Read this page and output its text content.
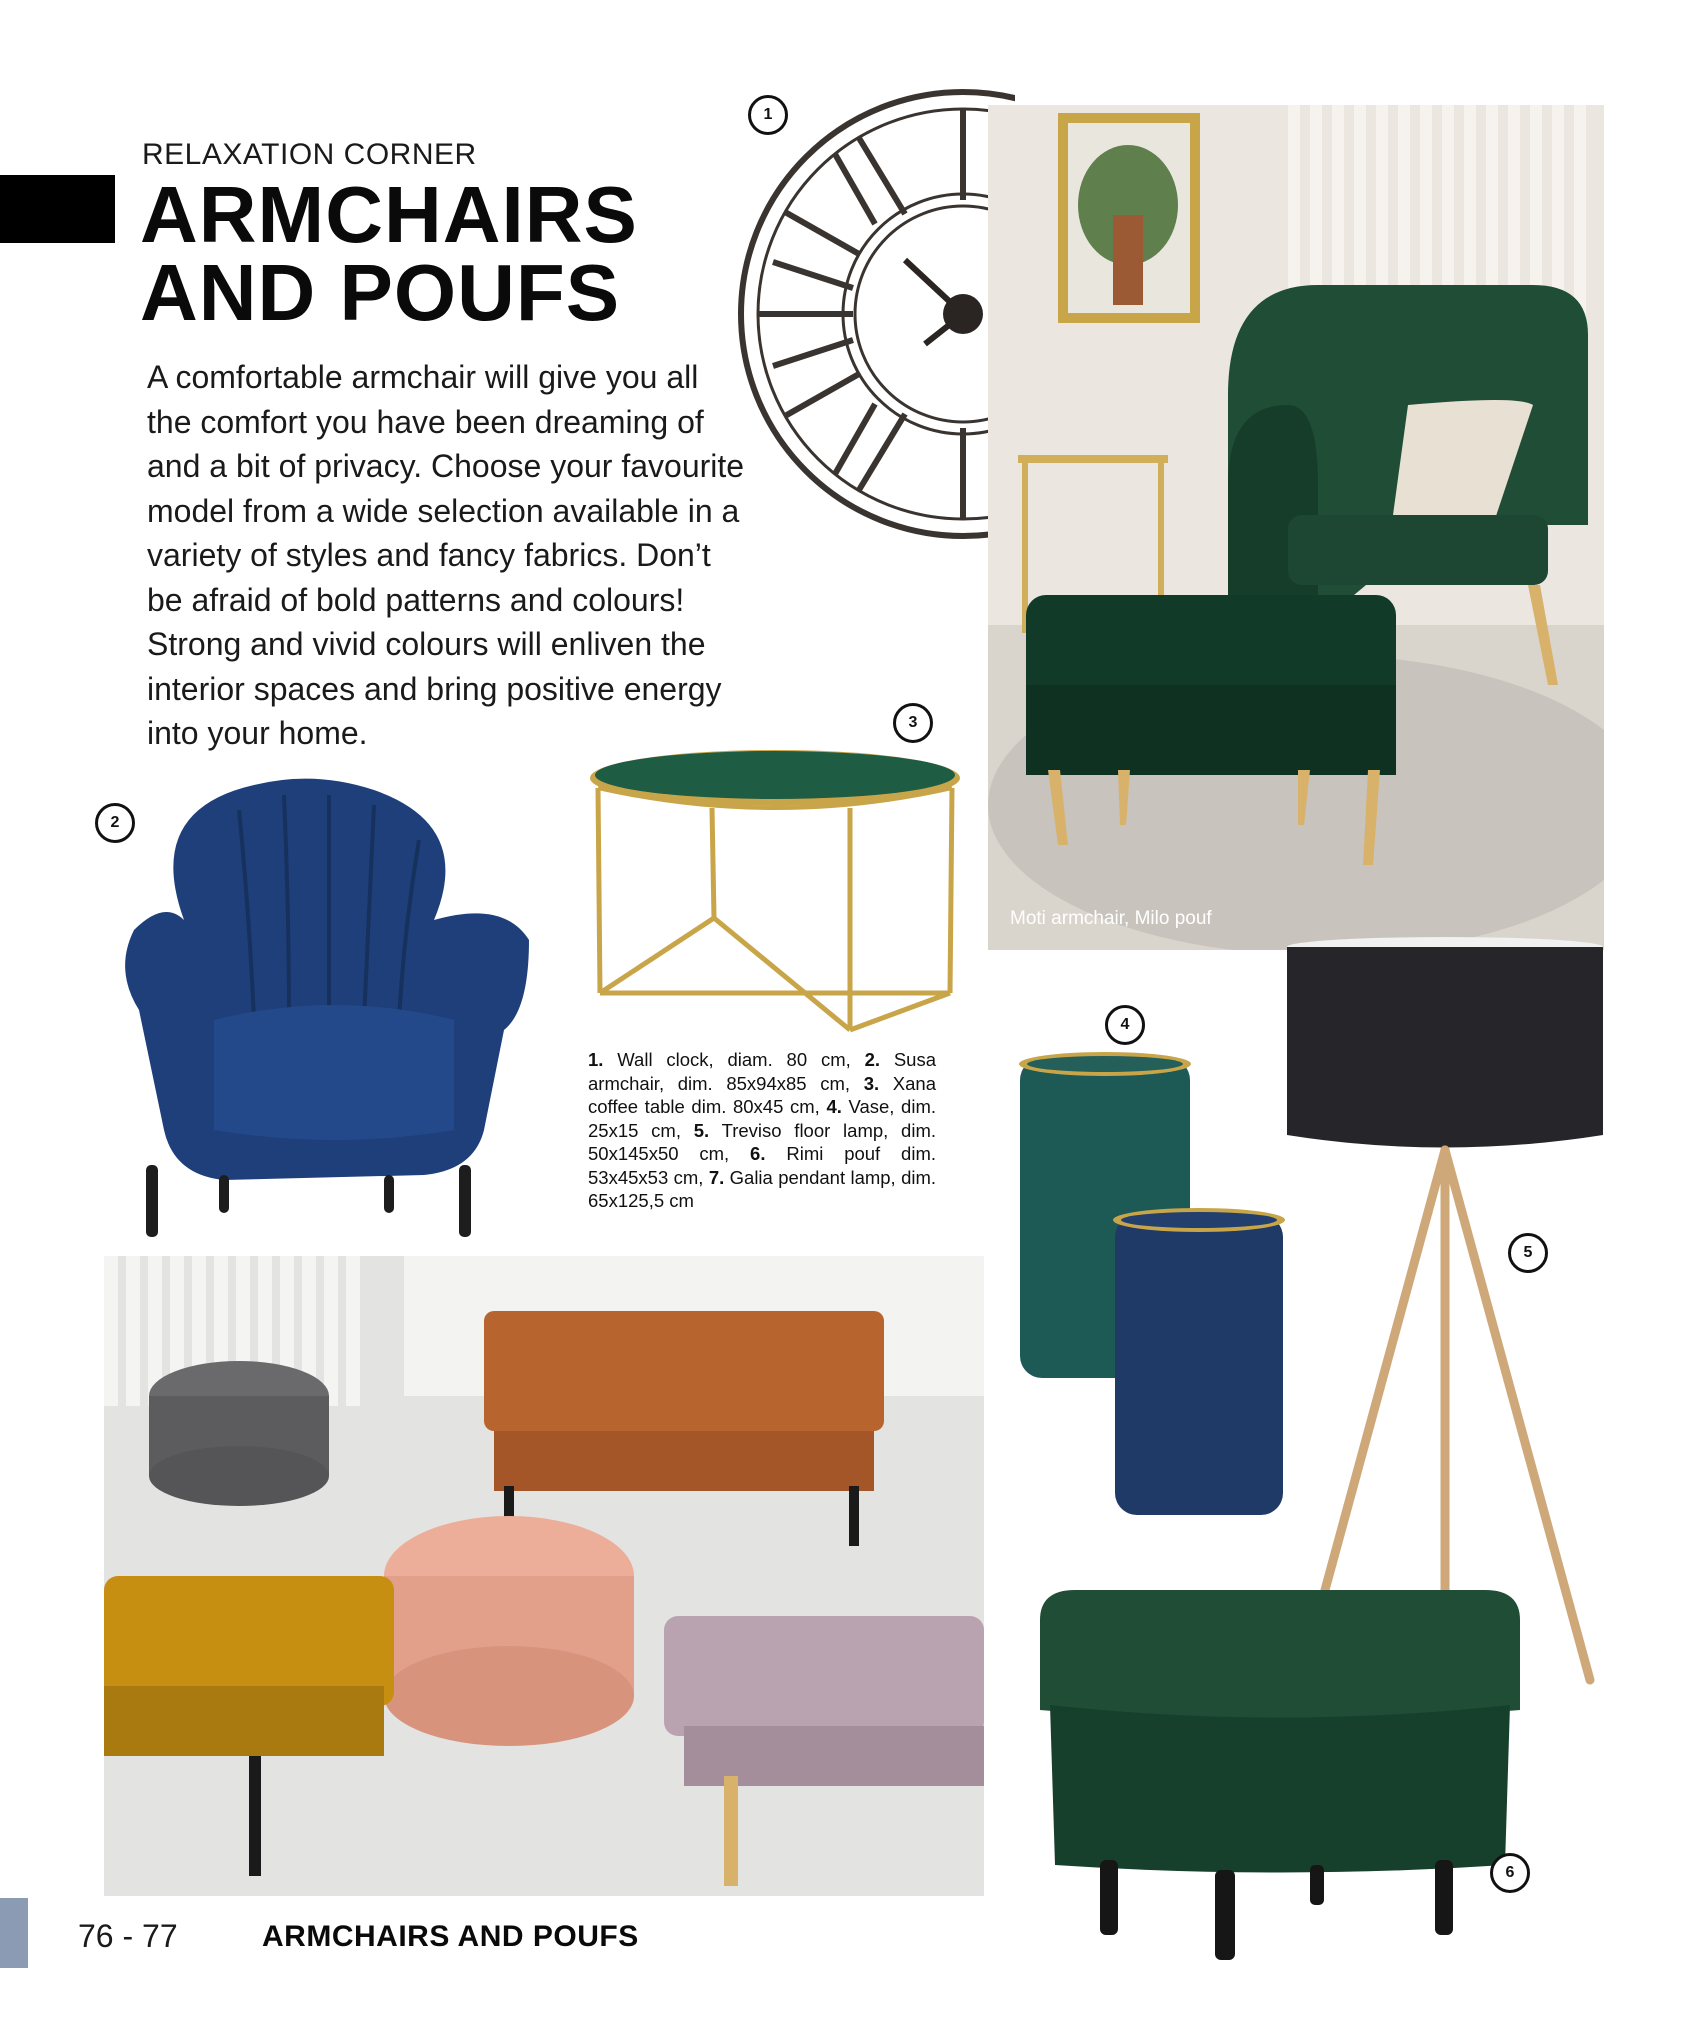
RELAXATION CORNER
ARMCHAIRS
AND POUFS
A comfortable armchair will give you all the comfort you have been dreaming of and a bit of privacy. Choose your favourite model from a wide selection available in a variety of styles and fancy fabrics. Don’t be afraid of bold patterns and colours! Strong and vivid colours will enliven the interior spaces and bring positive energy into your home.
Moti armchair, Milo pouf
1. Wall clock, diam. 80 cm, 2. Susa armchair, dim. 85x94x85 cm, 3. Xana coffee table dim. 80x45 cm, 4. Vase, dim. 25x15 cm, 5. Treviso floor lamp, dim. 50x145x50 cm, 6. Rimi pouf dim. 53x45x53 cm, 7. Galia pendant lamp, dim. 65x125,5 cm
1
2
3
4
5
6
76 - 77	ARMCHAIRS AND POUFS
